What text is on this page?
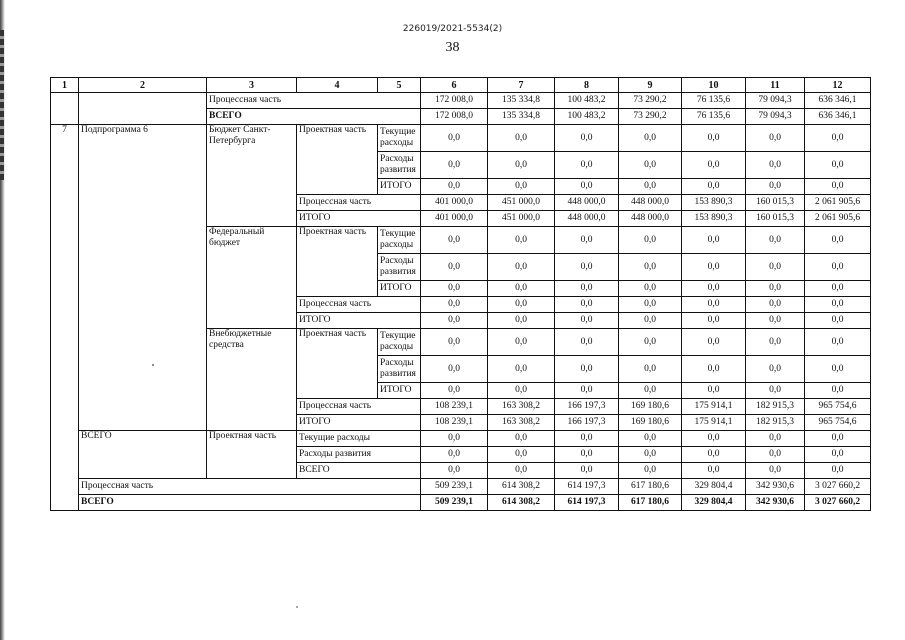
226019/2021-5534(2)
38
1	2	3	4	5	6	7	8	9	10	11	12
		Процессная часть			172 008,0	135 334,8	100 483,2	73 290,2	76 135,6	79 094,3	636 346,1
		ВСЕГО			172 008,0	135 334,8	100 483,2	73 290,2	76 135,6	79 094,3	636 346,1
7	Подпрограмма 6	Бюджет Санкт-Петербурга	Проектная часть	Текущие расходы	0,0	0,0	0,0	0,0	0,0	0,0	0,0
				Расходы развития	0,0	0,0	0,0	0,0	0,0	0,0	0,0
				ИТОГО	0,0	0,0	0,0	0,0	0,0	0,0	0,0
			Процессная часть		401 000,0	451 000,0	448 000,0	448 000,0	153 890,3	160 015,3	2 061 905,6
			ИТОГО		401 000,0	451 000,0	448 000,0	448 000,0	153 890,3	160 015,3	2 061 905,6
		Федеральный бюджет	Проектная часть	Текущие расходы	0,0	0,0	0,0	0,0	0,0	0,0	0,0
				Расходы развития	0,0	0,0	0,0	0,0	0,0	0,0	0,0
				ИТОГО	0,0	0,0	0,0	0,0	0,0	0,0	0,0
			Процессная часть		0,0	0,0	0,0	0,0	0,0	0,0	0,0
			ИТОГО		0,0	0,0	0,0	0,0	0,0	0,0	0,0
		Внебюджетные средства	Проектная часть	Текущие расходы	0,0	0,0	0,0	0,0	0,0	0,0	0,0
				Расходы развития	0,0	0,0	0,0	0,0	0,0	0,0	0,0
				ИТОГО	0,0	0,0	0,0	0,0	0,0	0,0	0,0
			Процессная часть		108 239,1	163 308,2	166 197,3	169 180,6	175 914,1	182 915,3	965 754,6
			ИТОГО		108 239,1	163 308,2	166 197,3	169 180,6	175 914,1	182 915,3	965 754,6
	ВСЕГО	Проектная часть	Текущие расходы		0,0	0,0	0,0	0,0	0,0	0,0	0,0
			Расходы развития		0,0	0,0	0,0	0,0	0,0	0,0	0,0
			ВСЕГО		0,0	0,0	0,0	0,0	0,0	0,0	0,0
	Процессная часть				509 239,1	614 308,2	614 197,3	617 180,6	329 804,4	342 930,6	3 027 660,2
	ВСЕГО				509 239,1	614 308,2	614 197,3	617 180,6	329 804,4	342 930,6	3 027 660,2
